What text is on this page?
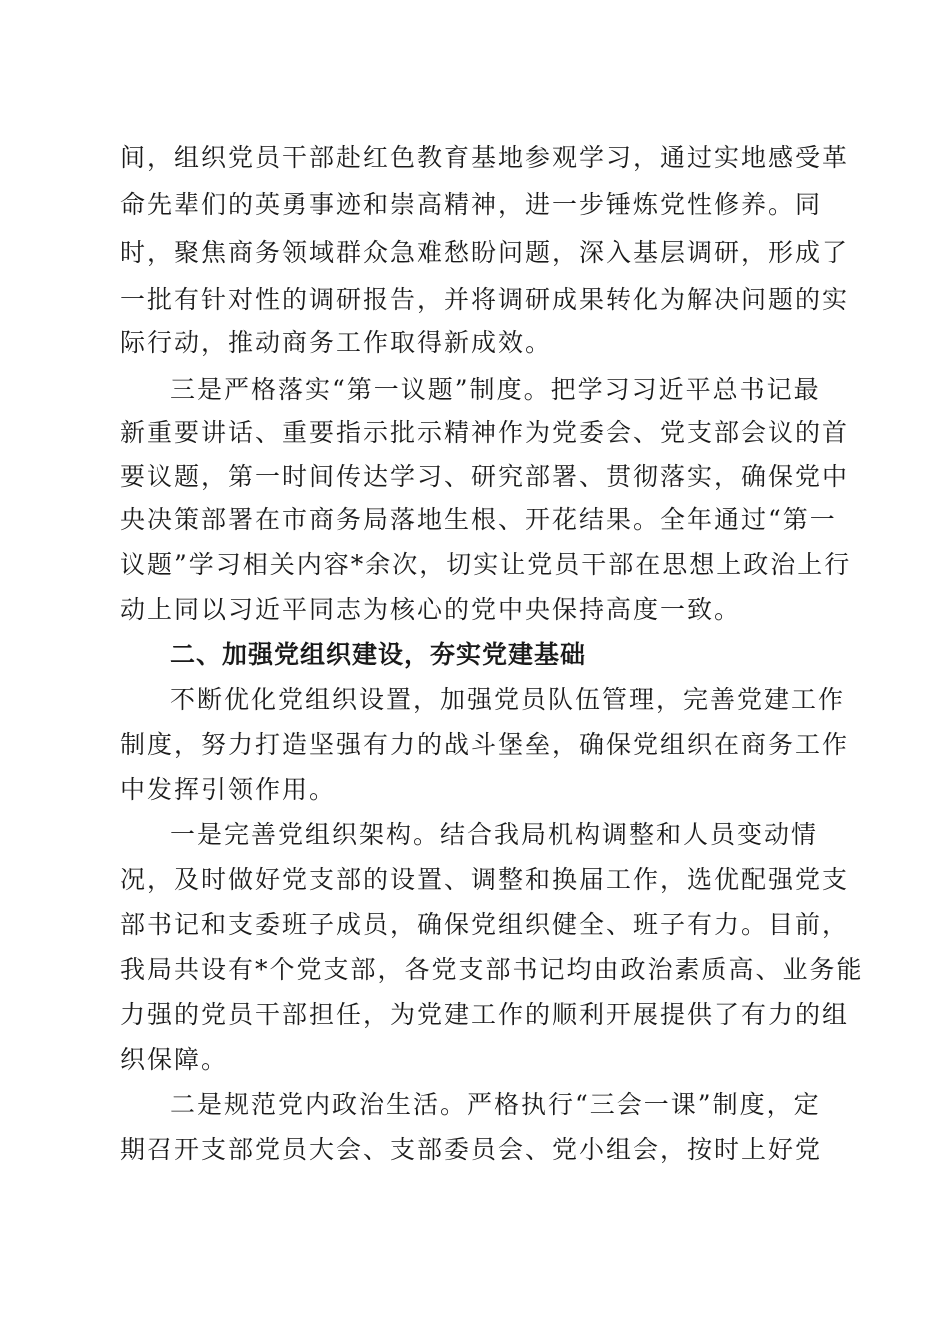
间，组织党员干部赴红色教育基地参观学习，通过实地感受革
命先辈们的英勇事迹和崇高精神，进一步锤炼党性修养。同
时，聚焦商务领域群众急难愁盼问题，深入基层调研，形成了
一批有针对性的调研报告，并将调研成果转化为解决问题的实
际行动，推动商务工作取得新成效。
三是严格落实“第一议题”制度。把学习习近平总书记最
新重要讲话、重要指示批示精神作为党委会、党支部会议的首
要议题，第一时间传达学习、研究部署、贯彻落实，确保党中
央决策部署在市商务局落地生根、开花结果。全年通过“第一
议题”学习相关内容*余次，切实让党员干部在思想上政治上行
动上同以习近平同志为核心的党中央保持高度一致。
二、加强党组织建设，夯实党建基础
不断优化党组织设置，加强党员队伍管理，完善党建工作
制度，努力打造坚强有力的战斗堡垒，确保党组织在商务工作
中发挥引领作用。
一是完善党组织架构。结合我局机构调整和人员变动情
况，及时做好党支部的设置、调整和换届工作，选优配强党支
部书记和支委班子成员，确保党组织健全、班子有力。目前，
我局共设有*个党支部，各党支部书记均由政治素质高、业务能
力强的党员干部担任，为党建工作的顺利开展提供了有力的组
织保障。
二是规范党内政治生活。严格执行“三会一课”制度，定
期召开支部党员大会、支部委员会、党小组会，按时上好党
